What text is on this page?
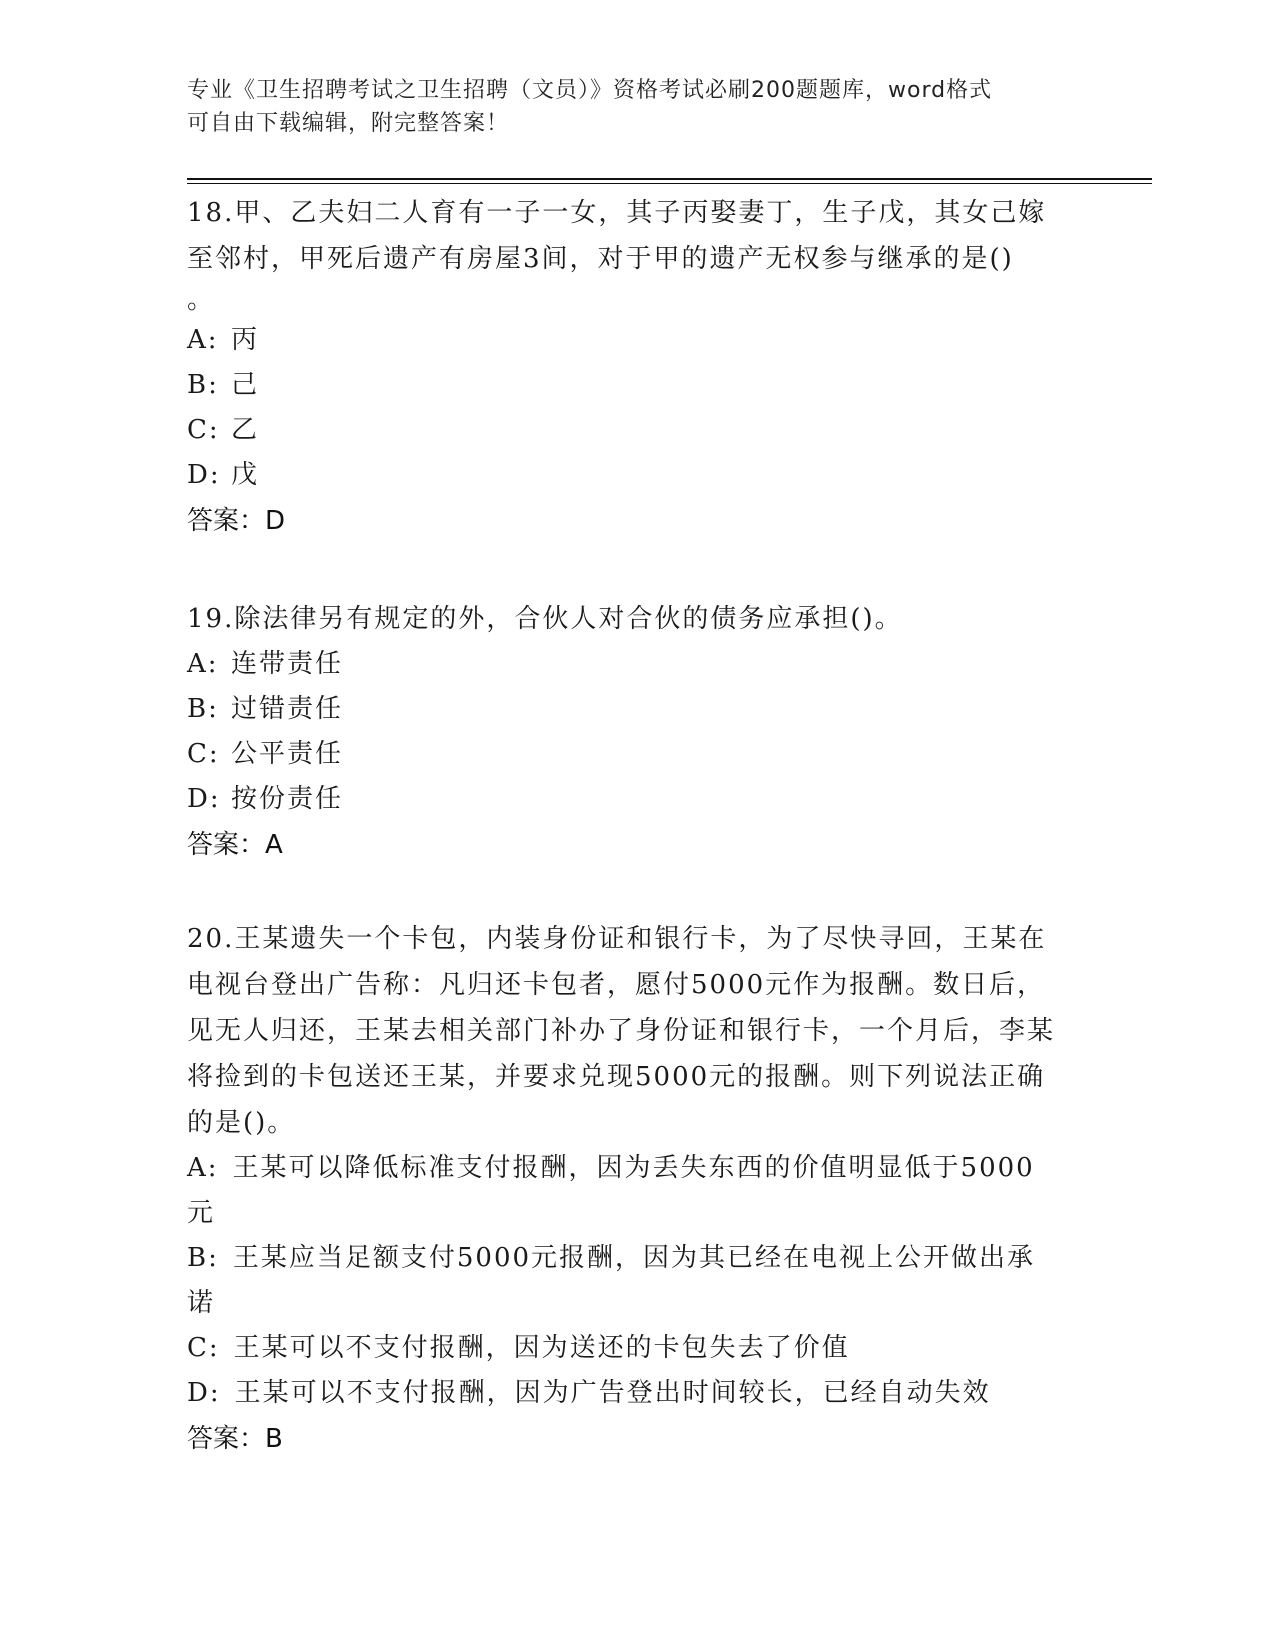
专业《卫生招聘考试之卫生招聘（文员）》资格考试必刷200题题库，word格式
可自由下载编辑，附完整答案！

18.甲、乙夫妇二人育有一子一女，其子丙娶妻丁，生子戊，其女己嫁至邻村，甲死后遗产有房屋3间，对于甲的遗产无权参与继承的是()

。

A: 丙

B: 己

C: 乙

D: 戊

答案：D

19.除法律另有规定的外，合伙人对合伙的债务应承担()。

A: 连带责任

B: 过错责任

C: 公平责任

D: 按份责任

答案：A

20.王某遗失一个卡包，内装身份证和银行卡，为了尽快寻回，王某在电视台登出广告称：凡归还卡包者，愿付5000元作为报酬。数日后，见无人归还，王某去相关部门补办了身份证和银行卡，一个月后，李某将捡到的卡包送还王某，并要求兑现5000元的报酬。则下列说法正确的是()。

A: 王某可以降低标准支付报酬，因为丢失东西的价值明显低于5000元

B: 王某应当足额支付5000元报酬，因为其已经在电视上公开做出承诺

C: 王某可以不支付报酬，因为送还的卡包失去了价值

D: 王某可以不支付报酬，因为广告登出时间较长，已经自动失效

答案：B
